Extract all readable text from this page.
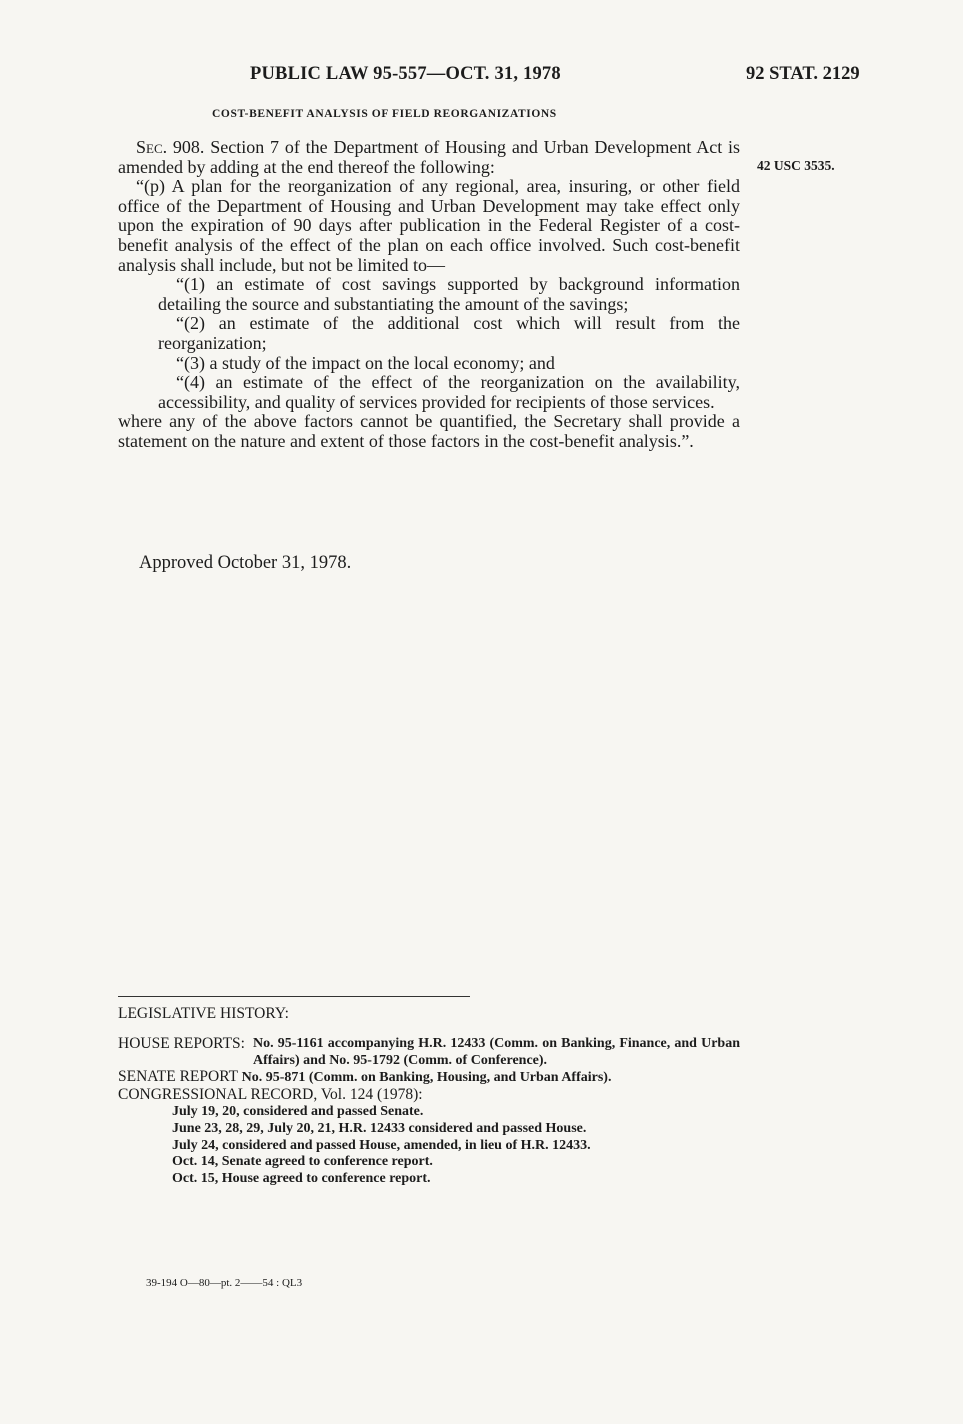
PUBLIC LAW 95-557—OCT. 31, 1978	92 STAT. 2129
COST-BENEFIT ANALYSIS OF FIELD REORGANIZATIONS
42 USC 3535.

Sec. 908. Section 7 of the Department of Housing and Urban Development Act is amended by adding at the end thereof the following:

“(p) A plan for the reorganization of any regional, area, insuring, or other field office of the Department of Housing and Urban Development may take effect only upon the expiration of 90 days after publication in the Federal Register of a cost-benefit analysis of the effect of the plan on each office involved. Such cost-benefit analysis shall include, but not be limited to—

“(1) an estimate of cost savings supported by background information detailing the source and substantiating the amount of the savings;

“(2) an estimate of the additional cost which will result from the reorganization;

“(3) a study of the impact on the local economy; and

“(4) an estimate of the effect of the reorganization on the availability, accessibility, and quality of services provided for recipients of those services.

where any of the above factors cannot be quantified, the Secretary shall provide a statement on the nature and extent of those factors in the cost-benefit analysis.”.

Approved October 31, 1978.
LEGISLATIVE HISTORY:
HOUSE REPORTS: No. 95-1161 accompanying H.R. 12433 (Comm. on Banking, Finance, and Urban Affairs) and No. 95-1792 (Comm. of Conference).

SENATE REPORT No. 95-871 (Comm. on Banking, Housing, and Urban Affairs).

CONGRESSIONAL RECORD, Vol. 124 (1978):

July 19, 20, considered and passed Senate.
June 23, 28, 29, July 20, 21, H.R. 12433 considered and passed House.
July 24, considered and passed House, amended, in lieu of H.R. 12433.
Oct. 14, Senate agreed to conference report.
Oct. 15, House agreed to conference report.
39-194 O—80—pt. 2——54 : QL3
